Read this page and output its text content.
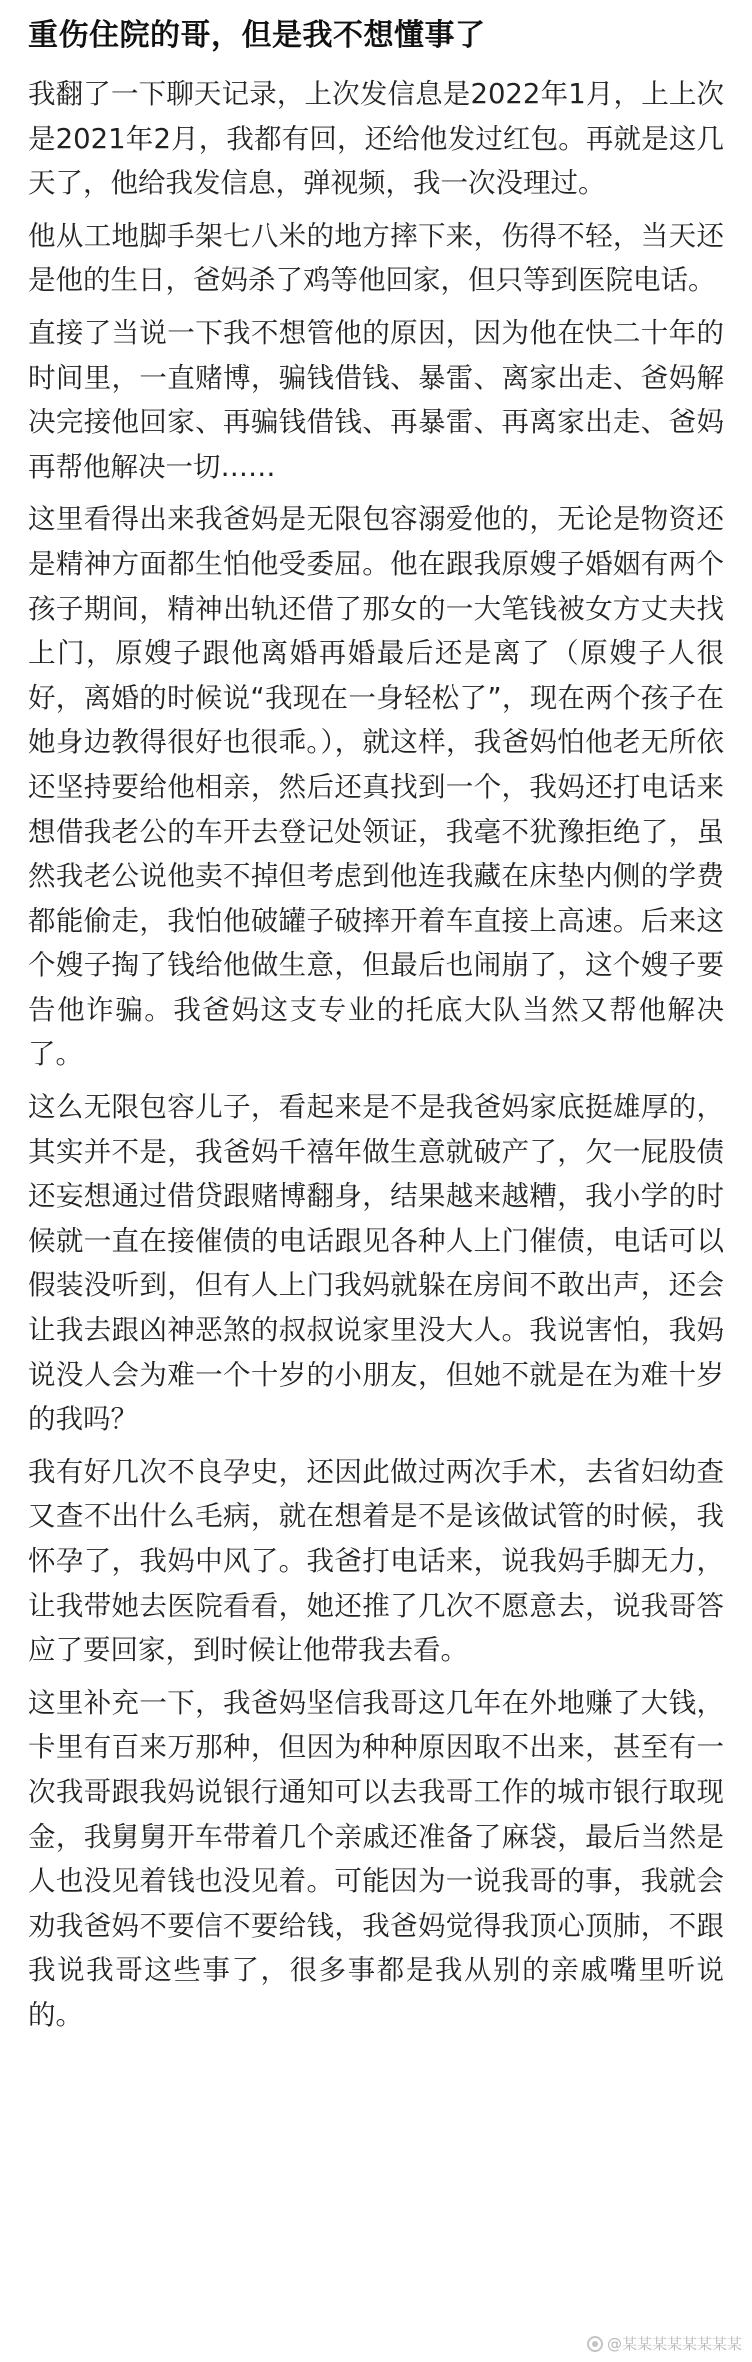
重伤住院的哥，但是我不想懂事了

我翻了一下聊天记录，上次发信息是2022年1月，上上次是2021年2月，我都有回，还给他发过红包。再就是这几天了，他给我发信息，弹视频，我一次没理过。

他从工地脚手架七八米的地方摔下来，伤得不轻，当天还是他的生日，爸妈杀了鸡等他回家，但只等到医院电话。

直接了当说一下我不想管他的原因，因为他在快二十年的时间里，一直赌博，骗钱借钱、暴雷、离家出走、爸妈解决完接他回家、再骗钱借钱、再暴雷、再离家出走、爸妈再帮他解决一切……

这里看得出来我爸妈是无限包容溺爱他的，无论是物资还是精神方面都生怕他受委屈。他在跟我原嫂子婚姻有两个孩子期间，精神出轨还借了那女的一大笔钱被女方丈夫找上门，原嫂子跟他离婚再婚最后还是离了（原嫂子人很好，离婚的时候说“我现在一身轻松了”，现在两个孩子在她身边教得很好也很乖。），就这样，我爸妈怕他老无所依还坚持要给他相亲，然后还真找到一个，我妈还打电话来想借我老公的车开去登记处领证，我毫不犹豫拒绝了，虽然我老公说他卖不掉但考虑到他连我藏在床垫内侧的学费都能偷走，我怕他破罐子破摔开着车直接上高速。后来这个嫂子掏了钱给他做生意，但最后也闹崩了，这个嫂子要告他诈骗。我爸妈这支专业的托底大队当然又帮他解决了。

这么无限包容儿子，看起来是不是我爸妈家底挺雄厚的，其实并不是，我爸妈千禧年做生意就破产了，欠一屁股债还妄想通过借贷跟赌博翻身，结果越来越糟，我小学的时候就一直在接催债的电话跟见各种人上门催债，电话可以假装没听到，但有人上门我妈就躲在房间不敢出声，还会让我去跟凶神恶煞的叔叔说家里没大人。我说害怕，我妈说没人会为难一个十岁的小朋友，但她不就是在为难十岁的我吗？

我有好几次不良孕史，还因此做过两次手术，去省妇幼查又查不出什么毛病，就在想着是不是该做试管的时候，我怀孕了，我妈中风了。我爸打电话来，说我妈手脚无力，让我带她去医院看看，她还推了几次不愿意去，说我哥答应了要回家，到时候让他带我去看。

这里补充一下，我爸妈坚信我哥这几年在外地赚了大钱，卡里有百来万那种，但因为种种原因取不出来，甚至有一次我哥跟我妈说银行通知可以去我哥工作的城市银行取现金，我舅舅开车带着几个亲戚还准备了麻袋，最后当然是人也没见着钱也没见着。可能因为一说我哥的事，我就会劝我爸妈不要信不要给钱，我爸妈觉得我顶心顶肺，不跟我说我哥这些事了，很多事都是我从别的亲戚嘴里听说的。

@某某某某某某某某
